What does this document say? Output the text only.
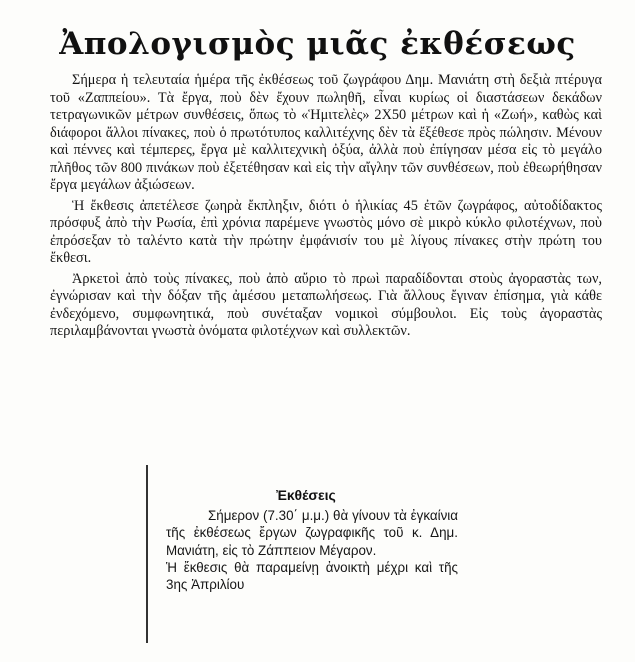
Ἀπολογισμὸς μιᾶς ἐκθέσεως

Σήμερα ἡ τελευταία ἡμέρα τῆς ἐκθέσεως τοῦ ζωγράφου Δημ. Μανιάτη στὴ δεξιὰ πτέρυγα τοῦ «Ζαππείου». Τὰ ἔργα, ποὺ δὲν ἔχουν πωληθῆ, εἶναι κυρίως οἱ διαστάσεων δεκάδων τετραγωνικῶν μέτρων συνθέσεις, ὅπως τὸ «Ἡμιτελὲς» 2Χ50 μέτρων καὶ ἡ «Ζωή», καθὼς καὶ διάφοροι ἄλλοι πίνακες, ποὺ ὁ πρωτότυπος καλλιτέχνης δὲν τὰ ἔξέθεσε πρὸς πώλησιν. Μένουν καὶ πέννες καὶ τέμπερες, ἔργα μὲ καλλιτεχνικὴ ὀξύα, ἀλλὰ ποὺ ἐπίγησαν μέσα εἰς τὸ μεγάλο πλῆθος τῶν 800 πινάκων ποὺ ἐξετέθησαν καὶ εἰς τὴν αἴγλην τῶν συνθέσεων, ποὺ ἐθεωρήθησαν ἔργα μεγάλων ἀξιώσεων.

Ἡ ἔκθεσις ἀπετέλεσε ζωηρὰ ἔκπληξιν, διότι ὁ ἡλικίας 45 ἐτῶν ζωγράφος, αὐτοδίδακτος πρόσφυξ ἀπὸ τὴν Ρωσία, ἐπὶ χρόνια παρέμενε γνωστὸς μόνο σὲ μικρὸ κύκλο φιλοτέχνων, ποὺ ἐπρόσεξαν τὸ ταλέντο κατὰ τὴν πρώτην ἐμφάνισίν του μὲ λίγους πίνακες στὴν πρώτη του ἔκθεσι.

Ἀρκετοὶ ἀπὸ τοὺς πίνακες, ποὺ ἀπὸ αὔριο τὸ πρωὶ παραδίδονται στοὺς ἀγοραστὰς των, ἐγνώρισαν καὶ τὴν δόξαν τῆς ἀμέσου μεταπωλήσεως. Γιὰ ἄλλους ἔγιναν ἐπίσημα, γιὰ κάθε ἐνδεχόμενο, συμφωνητικά, ποὺ συνέταξαν νομικοὶ σύμβουλοι. Εἰς τοὺς ἀγοραστὰς περιλαμβάνονται γνωστὰ ὀνόματα φιλοτέχνων καὶ συλλεκτῶν.

Ἐκθέσεις

Σήμερον (7.30΄ μ.μ.) θὰ γίνουν τὰ ἐγκαίνια τῆς ἐκθέσεως ἔργων ζωγραφικῆς τοῦ κ. Δημ. Μανιάτη, εἰς τὸ Ζάππειον Μέγαρον.

Ἡ ἔκθεσις θὰ παραμείνῃ ἀνοικτὴ μέχρι καὶ τῆς 3ης Ἀπριλίου
